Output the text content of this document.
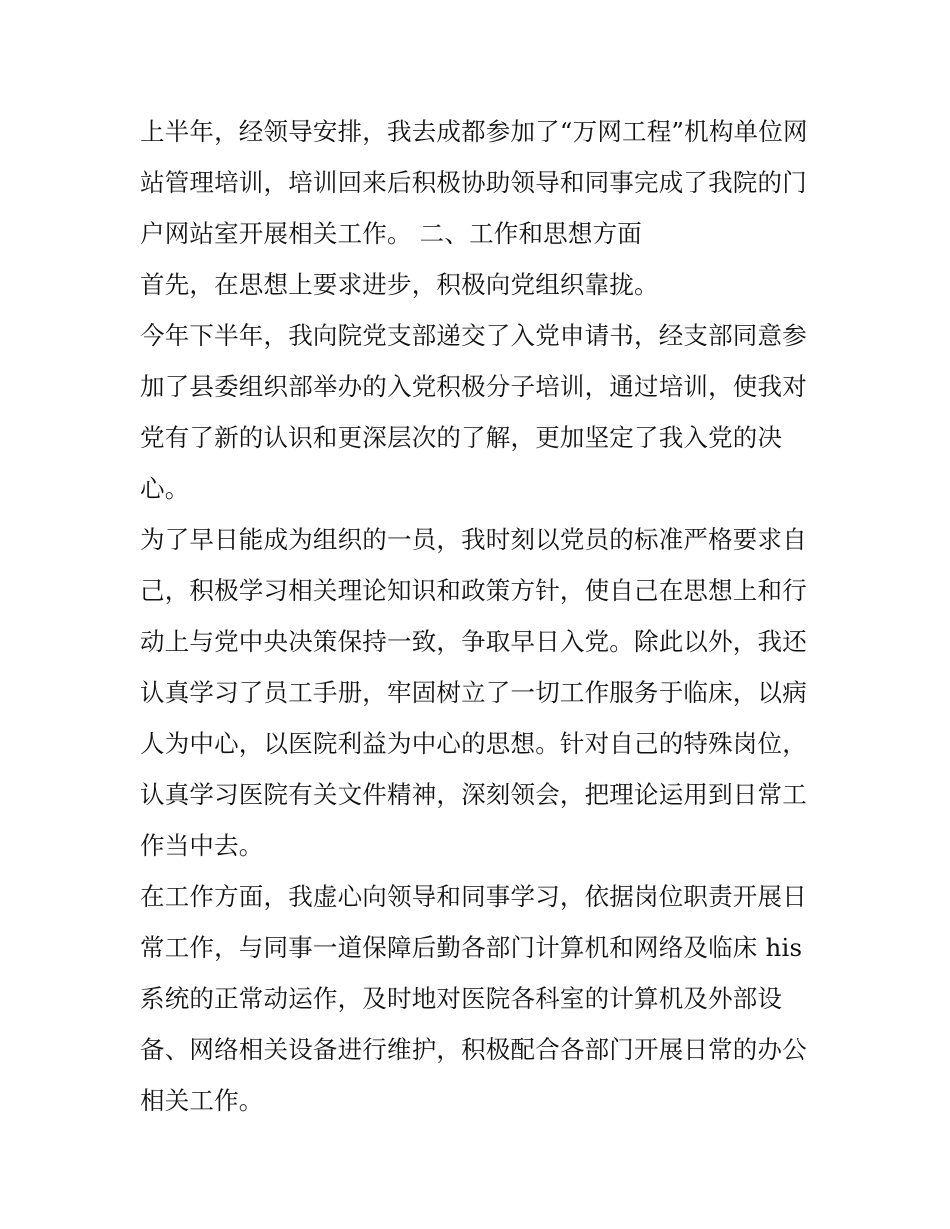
上半年，经领导安排，我去成都参加了“万网工程”机构单位网
站管理培训，培训回来后积极协助领导和同事完成了我院的门
户网站室开展相关工作。 二、工作和思想方面
首先，在思想上要求进步，积极向党组织靠拢。
今年下半年，我向院党支部递交了入党申请书，经支部同意参
加了县委组织部举办的入党积极分子培训，通过培训，使我对
党有了新的认识和更深层次的了解，更加坚定了我入党的决
心。
为了早日能成为组织的一员，我时刻以党员的标准严格要求自
己，积极学习相关理论知识和政策方针，使自己在思想上和行
动上与党中央决策保持一致，争取早日入党。除此以外，我还
认真学习了员工手册，牢固树立了一切工作服务于临床，以病
人为中心，以医院利益为中心的思想。针对自己的特殊岗位，
认真学习医院有关文件精神，深刻领会，把理论运用到日常工
作当中去。
在工作方面，我虚心向领导和同事学习，依据岗位职责开展日
常工作，与同事一道保障后勤各部门计算机和网络及临床 his
系统的正常动运作，及时地对医院各科室的计算机及外部设
备、网络相关设备进行维护，积极配合各部门开展日常的办公
相关工作。
